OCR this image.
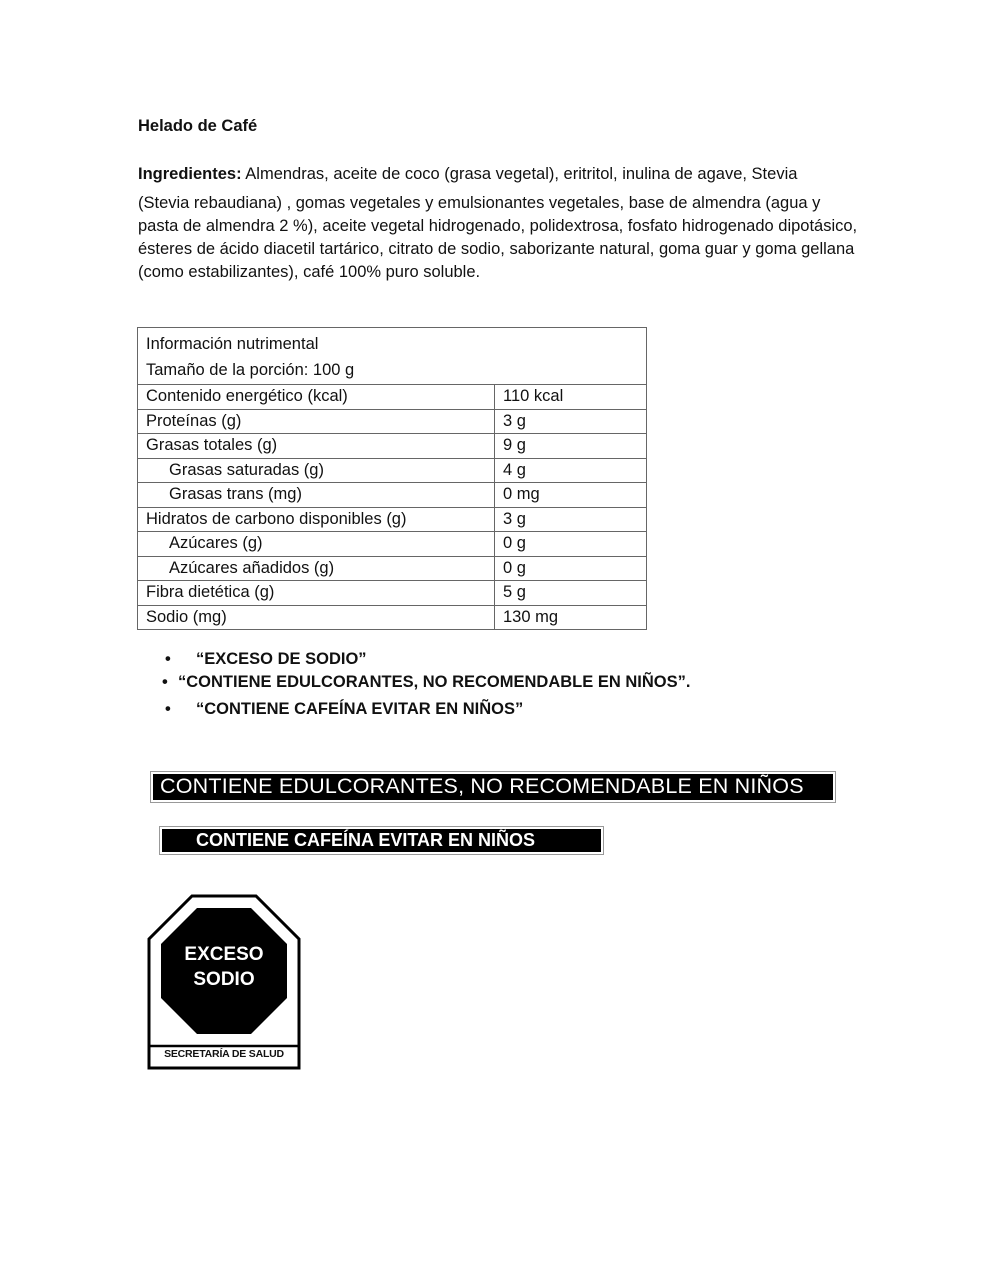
Helado de Café
Ingredientes: Almendras, aceite de coco (grasa vegetal), eritritol, inulina de agave, Stevia
(Stevia rebaudiana) , gomas vegetales y emulsionantes vegetales, base de almendra (agua y pasta de almendra 2 %), aceite vegetal hidrogenado, polidextrosa, fosfato hidrogenado dipotásico, ésteres de ácido diacetil tartárico, citrato de sodio, saborizante natural, goma guar y goma gellana (como estabilizantes), café 100% puro soluble.
Información nutrimental
Tamaño de la porción: 100 g	

Contenido energético (kcal)	110 kcal
Proteínas (g)	3 g
Grasas totales (g)	9 g
Grasas saturadas (g)	4 g
Grasas trans (mg)	0 mg
Hidratos de carbono disponibles (g)	3 g
Azúcares (g)	0 g
Azúcares añadidos (g)	0 g
Fibra dietética (g)	5 g
Sodio (mg)	130 mg
• “EXCESO DE SODIO”
• “CONTIENE EDULCORANTES, NO RECOMENDABLE EN NIÑOS”.
• “CONTIENE CAFEÍNA EVITAR EN NIÑOS”
CONTIENE EDULCORANTES, NO RECOMENDABLE EN NIÑOS
CONTIENE CAFEÍNA EVITAR EN NIÑOS
EXCESO
SODIO
SECRETARÍA DE SALUD
